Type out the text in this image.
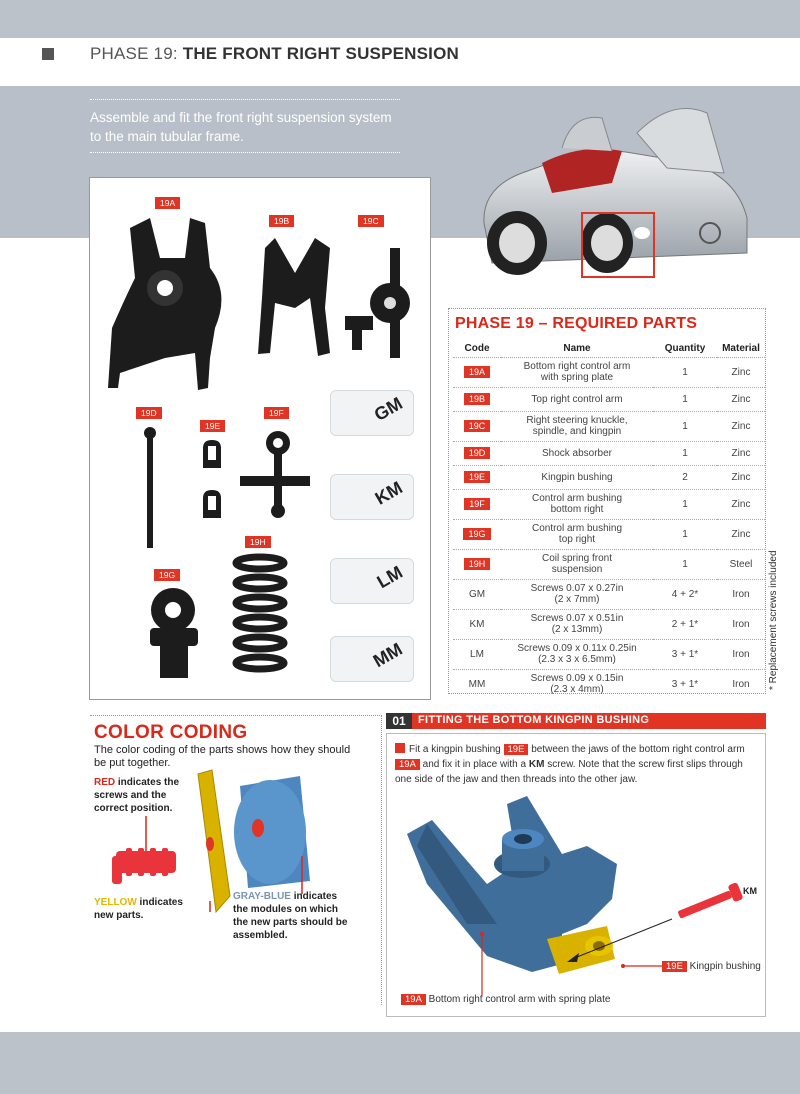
PHASE 19: THE FRONT RIGHT SUSPENSION
Assemble and fit the front right suspension system to the main tubular frame.
19A
19B	19C
19D
19E
19F
19H
19G
GM
KM
LM
MM
PHASE 19 – REQUIRED PARTS
Code	Name	Quantity	Material
19A	Bottom right control arm
with spring plate	1	Zinc
19B	Top right control arm	1	Zinc
19C	Right steering knuckle,
spindle, and kingpin	1	Zinc
19D	Shock absorber	1	Zinc
19E	Kingpin bushing	2	Zinc
19F	Control arm bushing
bottom right	1	Zinc
19G	Control arm bushing
top right	1	Zinc
19H	Coil spring front
suspension	1	Steel
GM	Screws 0.07 x 0.27in
(2 x 7mm)	4 + 2*	Iron
KM	Screws 0.07 x 0.51in
(2 x 13mm)	2 + 1*	Iron
LM	Screws 0.09 x 0.11x 0.25in
(2.3 x 3 x 6.5mm)	3 + 1*	Iron
MM	Screws 0.09 x 0.15in
(2.3 x 4mm)	3 + 1*	Iron * Replacement screws included
COLOR CODING
The color coding of the parts shows how they should be put together.
RED indicates the screws and the correct position.
YELLOW indicates new parts.
GRAY-BLUE indicates the modules on which the new parts should be assembled.
01	FITTING THE BOTTOM KINGPIN BUSHING
Fit a kingpin bushing 19E between the jaws of the bottom right control arm 19A and fix it in place with a KM screw. Note that the screw first slips through one side of the jaw and then threads into the other jaw.
KM
19E Kingpin bushing
19A Bottom right control arm with spring plate
